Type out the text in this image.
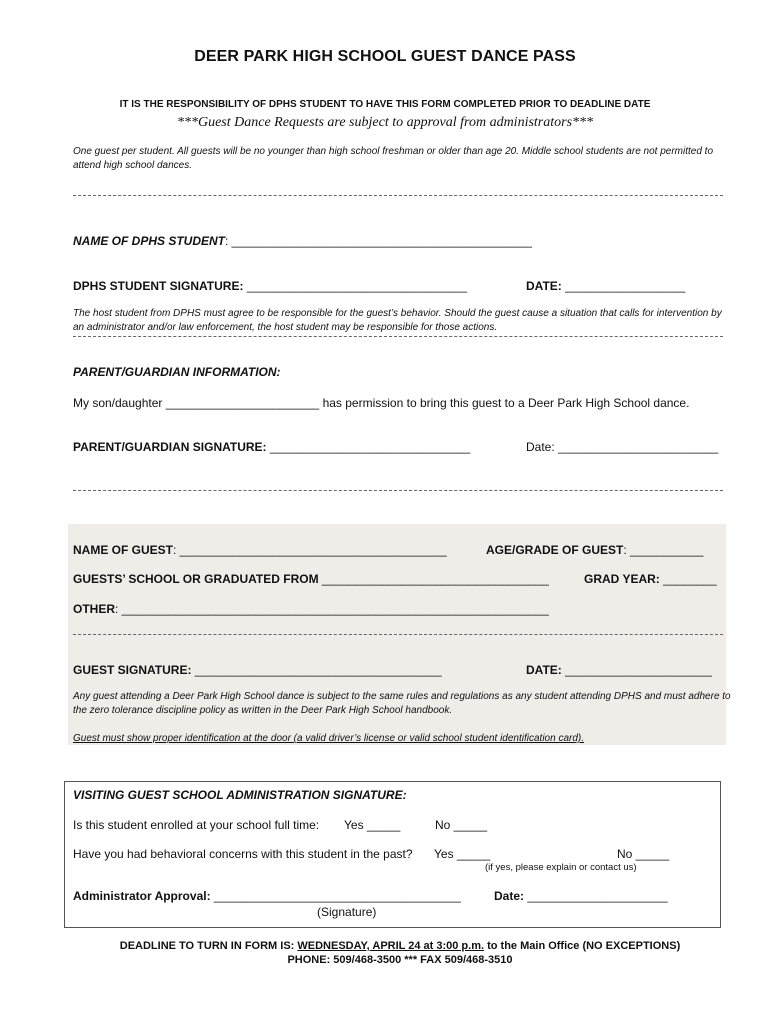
DEER PARK HIGH SCHOOL GUEST DANCE PASS
IT IS THE RESPONSIBILITY OF DPHS STUDENT TO HAVE THIS FORM COMPLETED PRIOR TO DEADLINE DATE
***Guest Dance Requests are subject to approval from administrators***
One guest per student. All guests will be no younger than high school freshman or older than age 20. Middle school students are not permitted to attend high school dances.
NAME OF DPHS STUDENT: _____________________________________________
DPHS STUDENT SIGNATURE: _________________________________	DATE: __________________
The host student from DPHS must agree to be responsible for the guest’s behavior. Should the guest cause a situation that calls for intervention by an administrator and/or law enforcement, the host student may be responsible for those actions.
PARENT/GUARDIAN INFORMATION:
My son/daughter _______________________ has permission to bring this guest to a Deer Park High School dance.
PARENT/GUARDIAN SIGNATURE: ______________________________	Date: ________________________
NAME OF GUEST: ________________________________________	AGE/GRADE OF GUEST: ___________
GUESTS’ SCHOOL OR GRADUATED FROM __________________________________	GRAD YEAR: ________
OTHER: ________________________________________________________________
GUEST SIGNATURE: _____________________________________	DATE: ______________________
Any guest attending a Deer Park High School dance is subject to the same rules and regulations as any student attending DPHS and must adhere to the zero tolerance discipline policy as written in the Deer Park High School handbook.
Guest must show proper identification at the door (a valid driver’s license or valid school student identification card).
VISITING GUEST SCHOOL ADMINISTRATION SIGNATURE:
Is this student enrolled at your school full time: Yes _____	No _____
Have you had behavioral concerns with this student in the past? Yes _____	No _____
(if yes, please explain or contact us)
Administrator Approval: _____________________________________	Date: _____________________
(Signature)
DEADLINE TO TURN IN FORM IS: WEDNESDAY, APRIL 24 at 3:00 p.m. to the Main Office (NO EXCEPTIONS)
PHONE: 509/468-3500 *** FAX 509/468-3510
